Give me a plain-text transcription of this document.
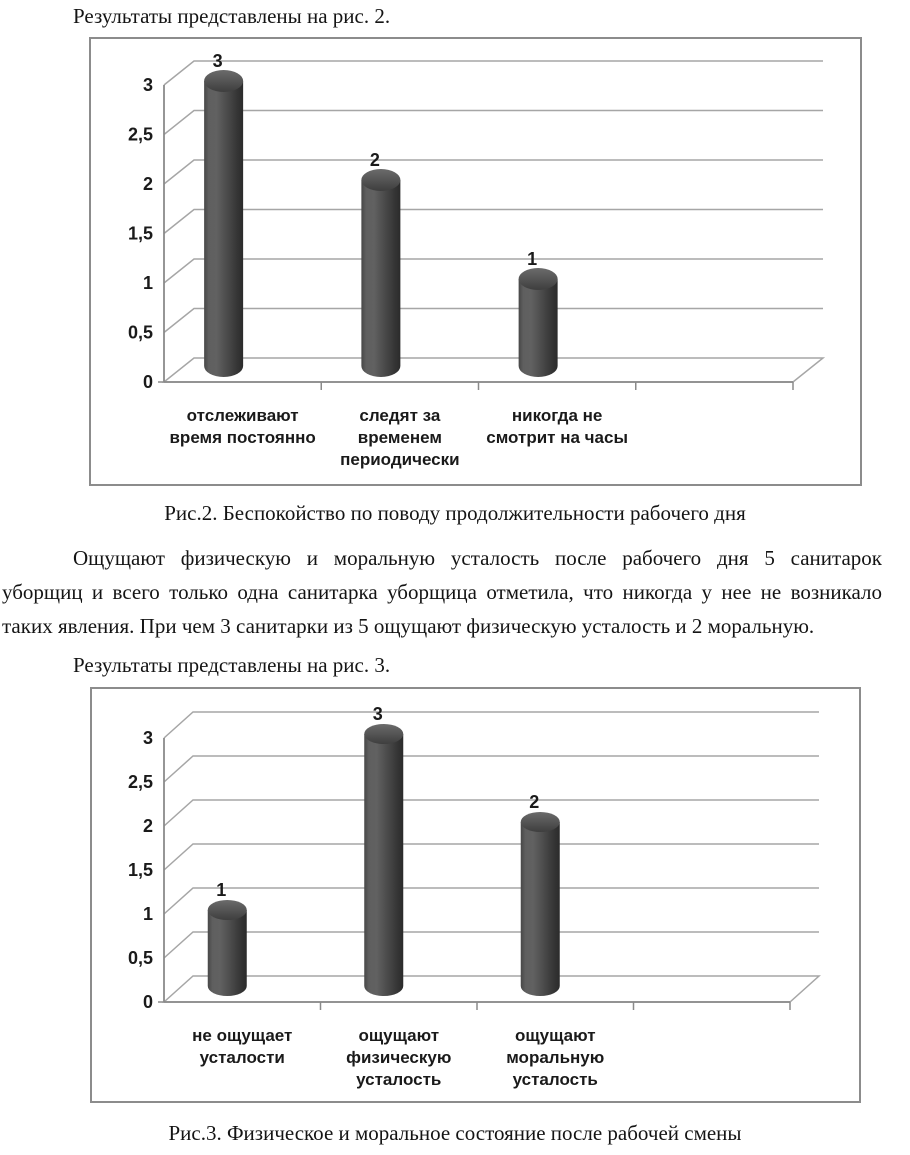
Результаты представлены на рис. 2.

0
0,5
1
1,5
2
2,5
3
3
2
1
отслеживают
время постоянно
следят за
временем
периодически
никогда не
смотрит на часы

Рис.2. Беспокойство по поводу продолжительности рабочего дня

Ощущают физическую и моральную усталость после рабочего дня 5 санитарок
уборщиц и всего только одна санитарка уборщица отметила, что никогда у нее не возникало
таких явления. При чем 3 санитарки из 5 ощущают физическую усталость и 2 моральную.

Результаты представлены на рис. 3.

0
0,5
1
1,5
2
2,5
3
1
3
2
не ощущает
усталости
ощущают
физическую
усталость
ощущают
моральную
усталость

Рис.3. Физическое и моральное состояние после рабочей смены
